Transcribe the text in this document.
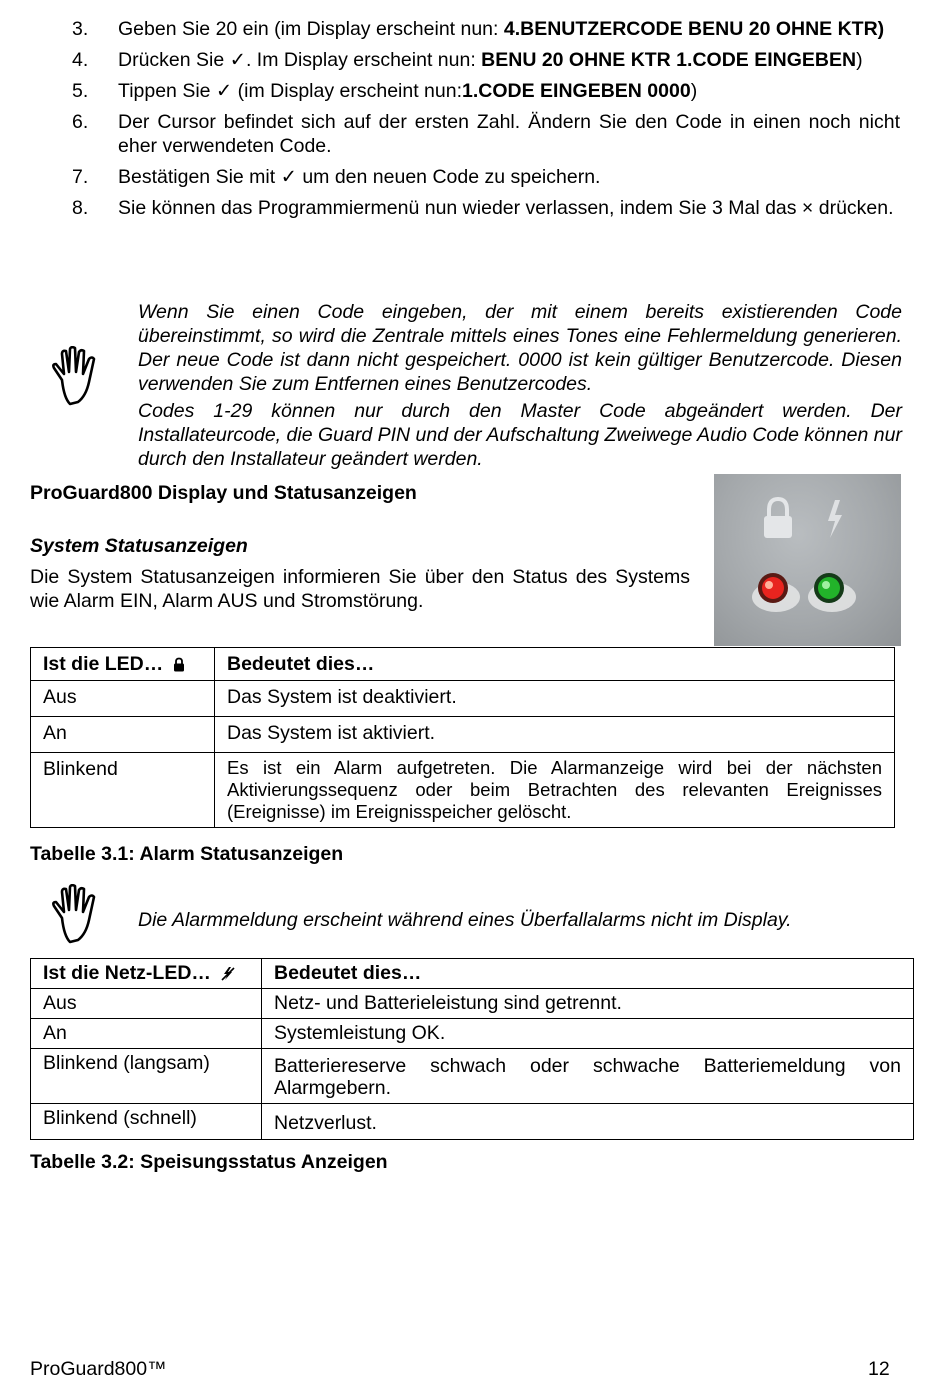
3.	Geben Sie 20 ein (im Display erscheint nun: 4.BENUTZERCODE BENU 20 OHNE KTR)
4.	Drücken Sie ✓. Im Display erscheint nun: BENU 20 OHNE KTR 1.CODE EINGEBEN)
5.	Tippen Sie ✓ (im Display erscheint nun:1.CODE EINGEBEN 0000)
6.	Der Cursor befindet sich auf der ersten Zahl. Ändern Sie den Code in einen noch nicht eher verwendeten Code.
7.	Bestätigen Sie mit ✓ um den neuen Code zu speichern.
8.	Sie können das Programmiermenü nun wieder verlassen, indem Sie 3 Mal das × drücken.
Wenn Sie einen Code eingeben, der mit einem bereits existierenden Code übereinstimmt, so wird die Zentrale mittels eines Tones eine Fehlermeldung generieren. Der neue Code ist dann nicht gespeichert. 0000 ist kein gültiger Benutzercode. Diesen verwenden Sie zum Entfernen eines Benutzercodes.
Codes 1-29 können nur durch den Master Code abgeändert werden. Der Installateurcode, die Guard PIN und der Aufschaltung Zweiwege Audio Code können nur durch den Installateur geändert werden.
ProGuard800 Display und Statusanzeigen
System Statusanzeigen
Die System Statusanzeigen informieren Sie über den Status des Systems wie Alarm EIN, Alarm AUS und Stromstörung.
Ist die LED…	Bedeutet dies…
Aus	Das System ist deaktiviert.
An	Das System ist aktiviert.
Blinkend	Es ist ein Alarm aufgetreten. Die Alarmanzeige wird bei der nächsten Aktivierungssequenz oder beim Betrachten des relevanten Ereignisses (Ereignisse) im Ereignisspeicher gelöscht.
Tabelle 3.1: Alarm Statusanzeigen
Die Alarmmeldung erscheint während eines Überfallalarms nicht im Display.
Ist die Netz-LED…	Bedeutet dies…
Aus	Netz- und Batterieleistung sind getrennt.
An	Systemleistung OK.
Blinkend (langsam)	Batteriereserve schwach oder schwache Batteriemeldung von Alarmgebern.
Blinkend (schnell)	Netzverlust.
Tabelle 3.2: Speisungsstatus Anzeigen
ProGuard800™	12
